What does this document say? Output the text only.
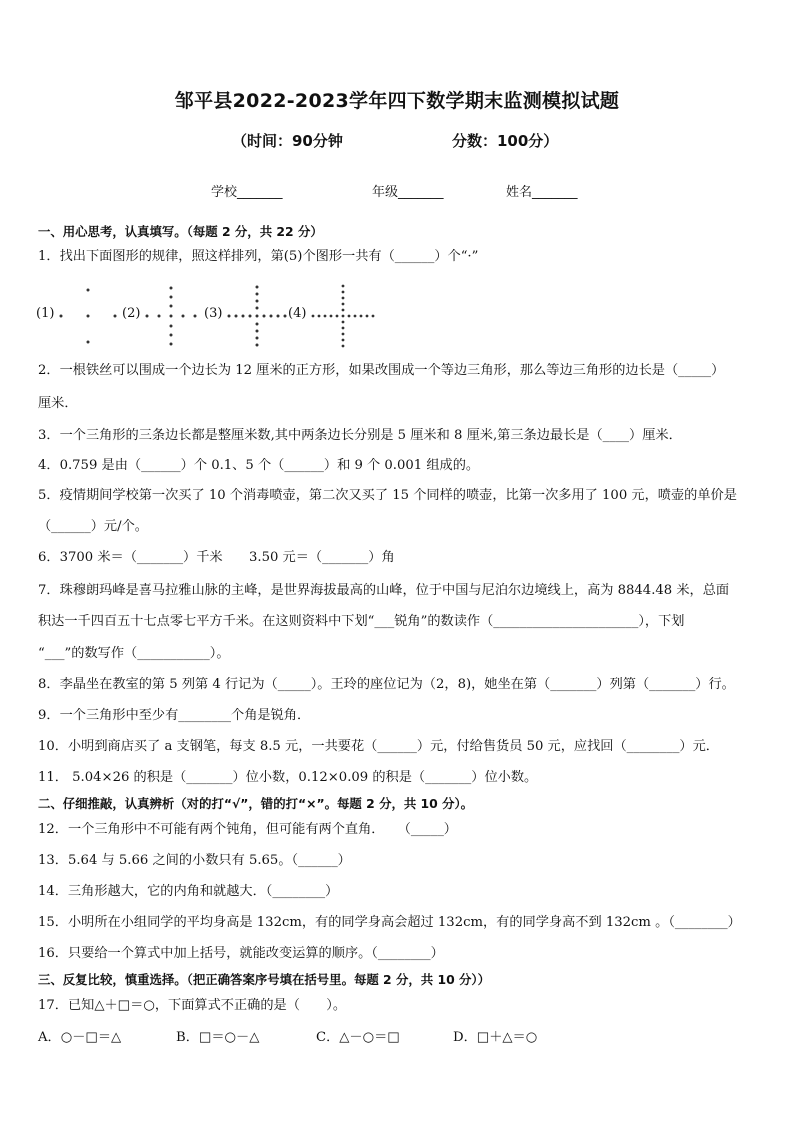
邹平县2022-2023学年四下数学期末监测模拟试题
（时间：90分钟	分数：100分）
学校_______	年级_______	姓名_______
一、用心思考，认真填写。（每题 2 分，共 22 分）
1．找出下面图形的规律，照这样排列，第(5)个图形一共有（______）个“·”
(1)	(2)	(3)	(4)
2．一根铁丝可以围成一个边长为 12 厘米的正方形，如果改围成一个等边三角形，那么等边三角形的边长是（_____）
厘米．
3．一个三角形的三条边长都是整厘米数,其中两条边长分别是 5 厘米和 8 厘米,第三条边最长是（____）厘米．
4．0.759 是由（______）个 0.1、5 个（______）和 9 个 0.001 组成的。
5．疫情期间学校第一次买了 10 个消毒喷壶，第二次又买了 15 个同样的喷壶，比第一次多用了 100 元，喷壶的单价是
（______）元/个。
6．3700 米＝（_______）千米　　3.50 元＝（_______）角
7．珠穆朗玛峰是喜马拉雅山脉的主峰，是世界海拔最高的山峰，位于中国与尼泊尔边境线上，高为 8844.48 米，总面
积达一千四百五十七点零七平方千米。在这则资料中下划“___锐角”的数读作（______________________），下划
“___”的数写作（___________）。
8．李晶坐在教室的第 5 列第 4 行记为（_____）。王玲的座位记为（2，8)，她坐在第（_______）列第（_______）行。
9．一个三角形中至少有________个角是锐角．
10．小明到商店买了 a 支钢笔，每支 8.5 元，一共要花（______）元，付给售货员 50 元，应找回（________）元．
11． 5.04×26 的积是（_______）位小数，0.12×0.09 的积是（_______）位小数。
二、仔细推敲，认真辨析（对的打“√”，错的打“×”。每题 2 分，共 10 分）。
12．一个三角形中不可能有两个钝角，但可能有两个直角．　　（_____）
13．5.64 与 5.66 之间的小数只有 5.65。（______）
14．三角形越大，它的内角和就越大．（________）
15．小明所在小组同学的平均身高是 132cm，有的同学身高会超过 132cm，有的同学身高不到 132cm 。（________）
16．只要给一个算式中加上括号，就能改变运算的顺序。（________）
三、反复比较，慎重选择。（把正确答案序号填在括号里。每题 2 分，共 10 分））
17．已知△＋□＝○，下面算式不正确的是（　　）。
A．○－□＝△	B．□＝○－△	C．△－○＝□	D．□＋△＝○
